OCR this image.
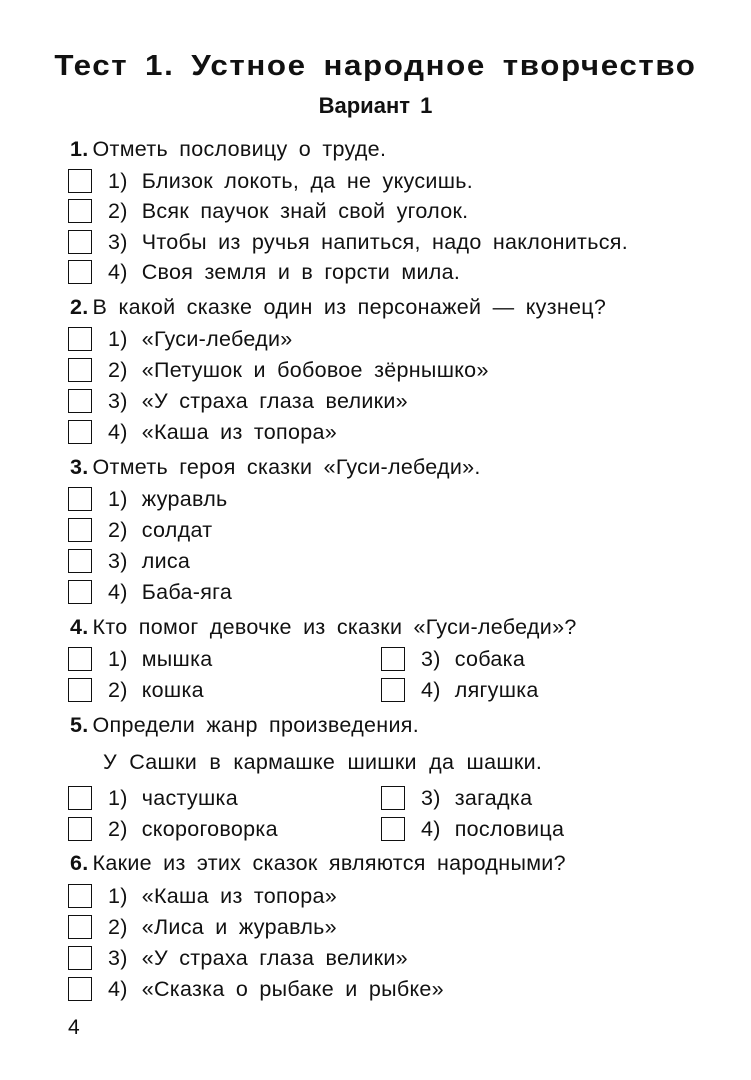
Тест 1. Устное народное творчество
Вариант 1
1. Отметь пословицу о труде.
1) Близок локоть, да не укусишь.
2) Всяк паучок знай свой уголок.
3) Чтобы из ручья напиться, надо наклониться.
4) Своя земля и в горсти мила.
2. В какой сказке один из персонажей — кузнец?
1) «Гуси-лебеди»
2) «Петушок и бобовое зёрнышко»
3) «У страха глаза велики»
4) «Каша из топора»
3. Отметь героя сказки «Гуси-лебеди».
1) журавль
2) солдат
3) лиса
4) Баба-яга
4. Кто помог девочке из сказки «Гуси-лебеди»?
1) мышка
2) кошка
3) собака
4) лягушка
5. Определи жанр произведения.
У Сашки в кармашке шишки да шашки.
1) частушка
2) скороговорка
3) загадка
4) пословица
6. Какие из этих сказок являются народными?
1) «Каша из топора»
2) «Лиса и журавль»
3) «У страха глаза велики»
4) «Сказка о рыбаке и рыбке»
4
